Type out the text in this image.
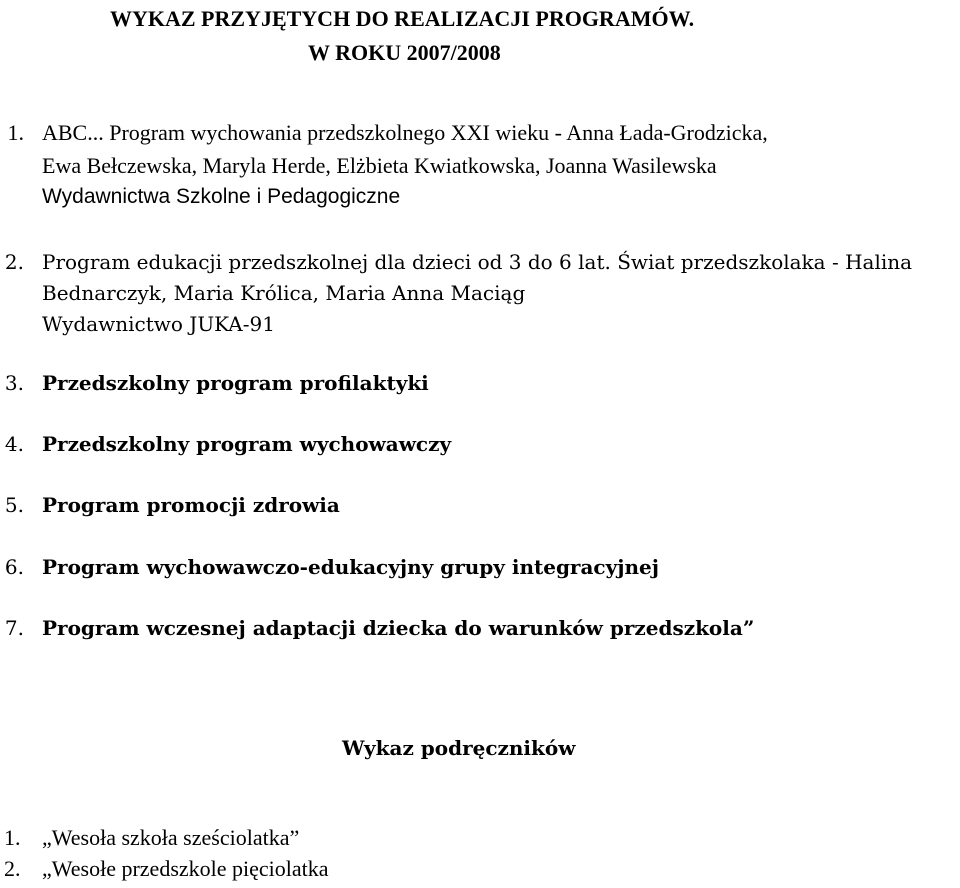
WYKAZ PRZYJĘTYCH DO REALIZACJI PROGRAMÓW.
W ROKU 2007/2008
1. ABC... Program wychowania przedszkolnego XXI wieku - Anna Łada-Grodzicka,
Ewa Bełczewska, Maryla Herde, Elżbieta Kwiatkowska, Joanna Wasilewska
Wydawnictwa Szkolne i Pedagogiczne
2. Program edukacji przedszkolnej dla dzieci od 3 do 6 lat. Świat przedszkolaka - Halina
Bednarczyk, Maria Królica, Maria Anna Maciąg
Wydawnictwo JUKA-91
3. Przedszkolny program profilaktyki
4. Przedszkolny program wychowawczy
5. Program promocji zdrowia
6. Program wychowawczo-edukacyjny grupy integracyjnej
7. Program wczesnej adaptacji dziecka do warunków przedszkola”
Wykaz podręczników
1. „Wesoła szkoła sześciolatka”
2. „Wesołe przedszkole pięciolatka
